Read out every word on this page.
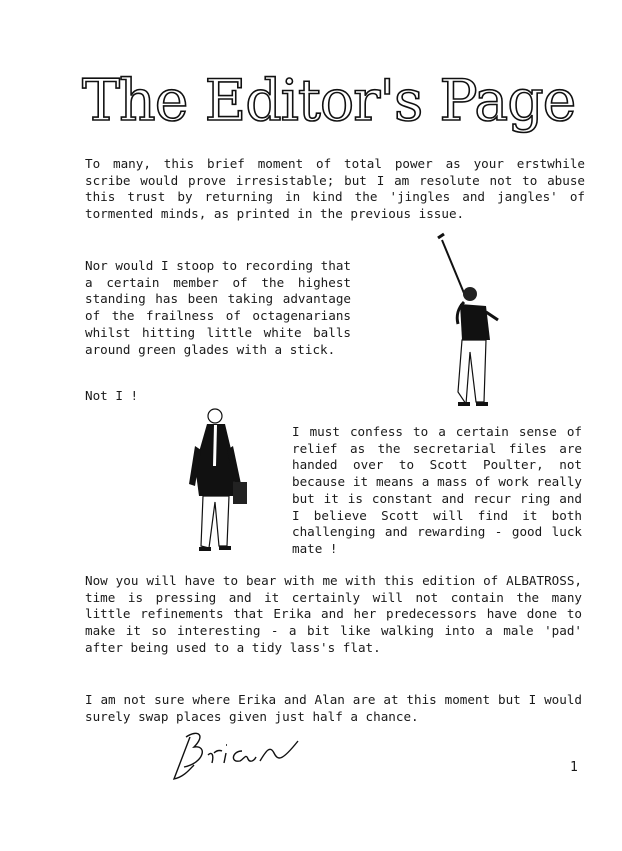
The Editor's Page

To many, this brief moment of total power as your erstwhile scribe would prove irresistable; but I am resolute not to abuse this trust by returning in kind the 'jingles and jangles' of tormented minds, as printed in the previous issue.

Nor would I stoop to recording that a certain member of the highest standing has been taking advantage of the frailness of octagenarians whilst hitting little white balls around green glades with a stick.

Not I !

I must confess to a certain sense of relief as the secretarial files are handed over to Scott Poulter, not because it means a mass of work really but it is constant and recur ring and I believe Scott will find it both challenging and rewarding - good luck mate !

Now you will have to bear with me with this edition of ALBATROSS, time is pressing and it certainly will not contain the many little refinements that Erika and her predecessors have done to make it so interesting - a bit like walking into a male 'pad' after being used to a tidy lass's flat.

I am not sure where Erika and Alan are at this moment but I would surely swap places given just half a chance.

1
